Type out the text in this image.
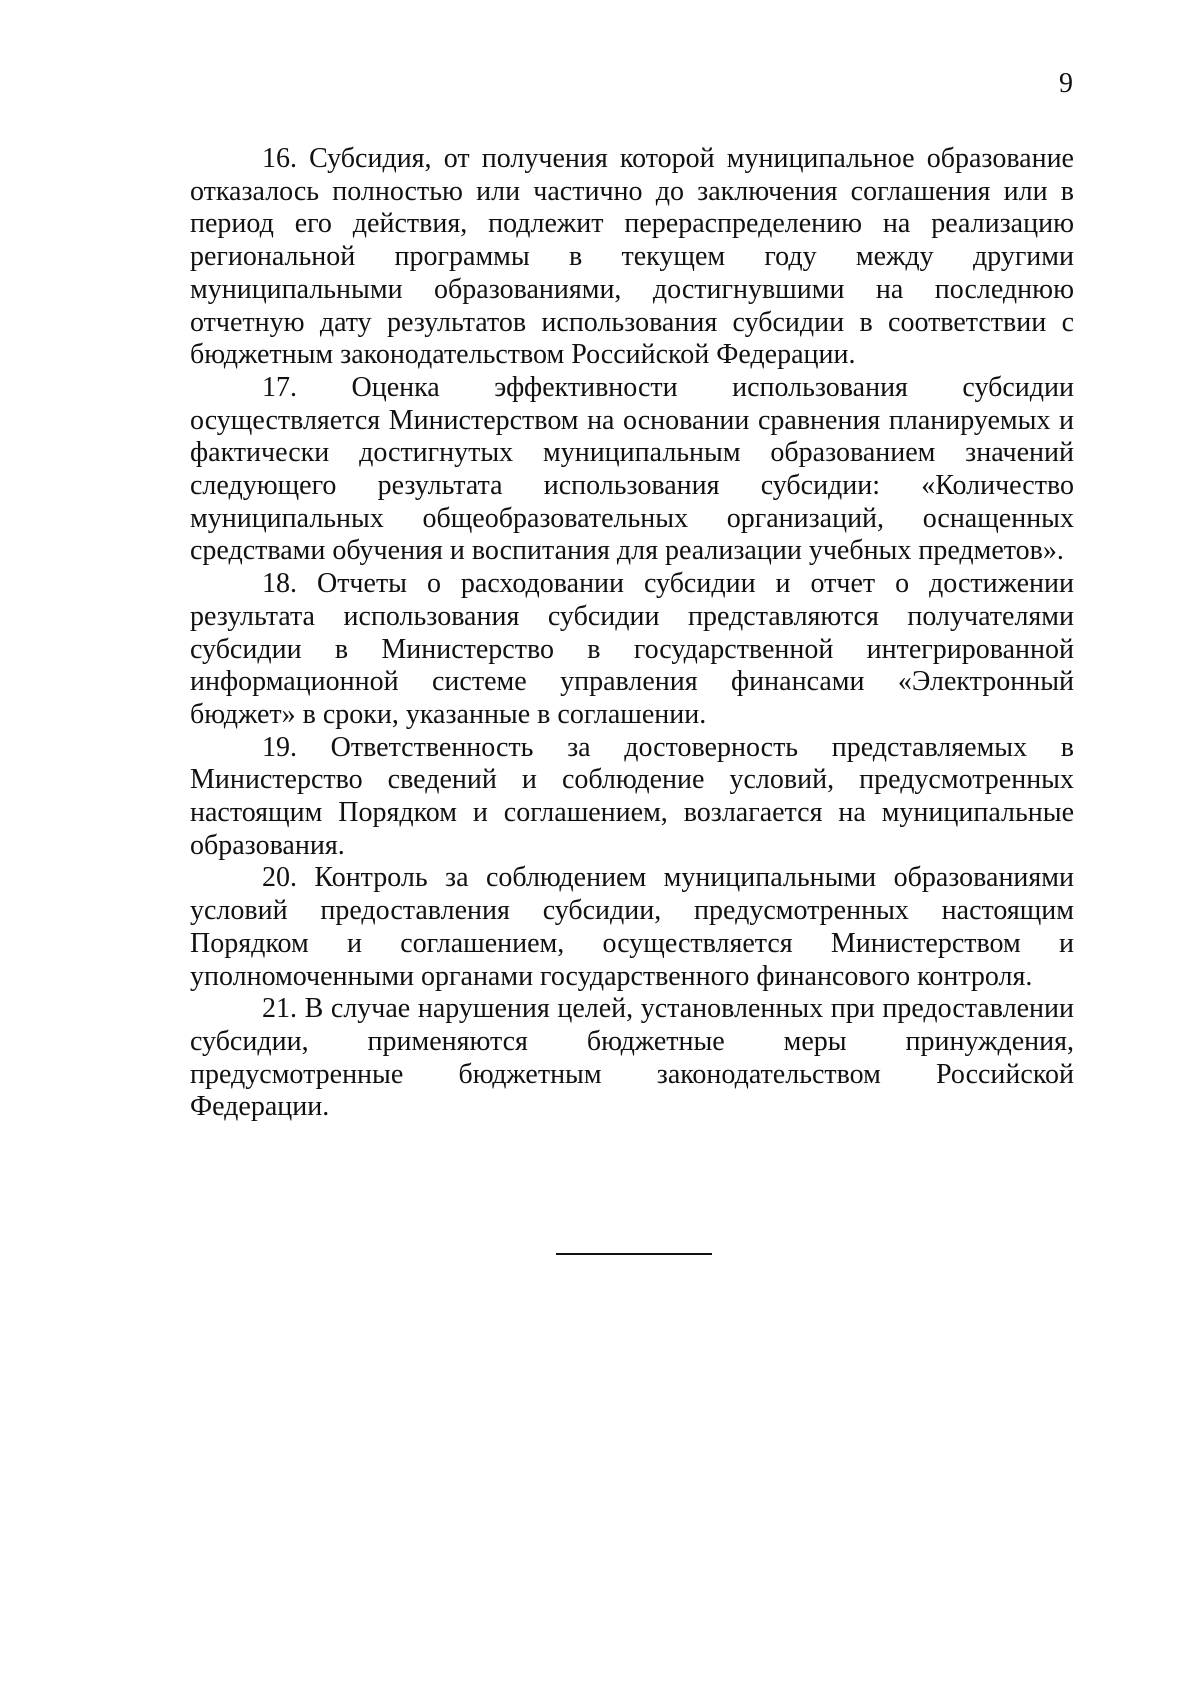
9

16. Субсидия, от получения которой муниципальное образование отказалось полностью или частично до заключения соглашения или в период его действия, подлежит перераспределению на реализацию региональной программы в текущем году между другими муниципальными образованиями, достигнувшими на последнюю отчетную дату результатов использования субсидии в соответствии с бюджетным законодательством Российской Федерации.

17. Оценка эффективности использования субсидии осуществляется Министерством на основании сравнения планируемых и фактически достигнутых муниципальным образованием значений следующего результата использования субсидии: «Количество муниципальных общеобразовательных организаций, оснащенных средствами обучения и воспитания для реализации учебных предметов».

18. Отчеты о расходовании субсидии и отчет о достижении результата использования субсидии представляются получателями субсидии в Министерство в государственной интегрированной информационной системе управления финансами «Электронный бюджет» в сроки, указанные в соглашении.

19. Ответственность за достоверность представляемых в Министерство сведений и соблюдение условий, предусмотренных настоящим Порядком и соглашением, возлагается на муниципальные образования.

20. Контроль за соблюдением муниципальными образованиями условий предоставления субсидии, предусмотренных настоящим Порядком и соглашением, осуществляется Министерством и уполномоченными органами государственного финансового контроля.

21. В случае нарушения целей, установленных при предоставлении субсидии, применяются бюджетные меры принуждения, предусмотренные бюджетным законодательством Российской Федерации.
